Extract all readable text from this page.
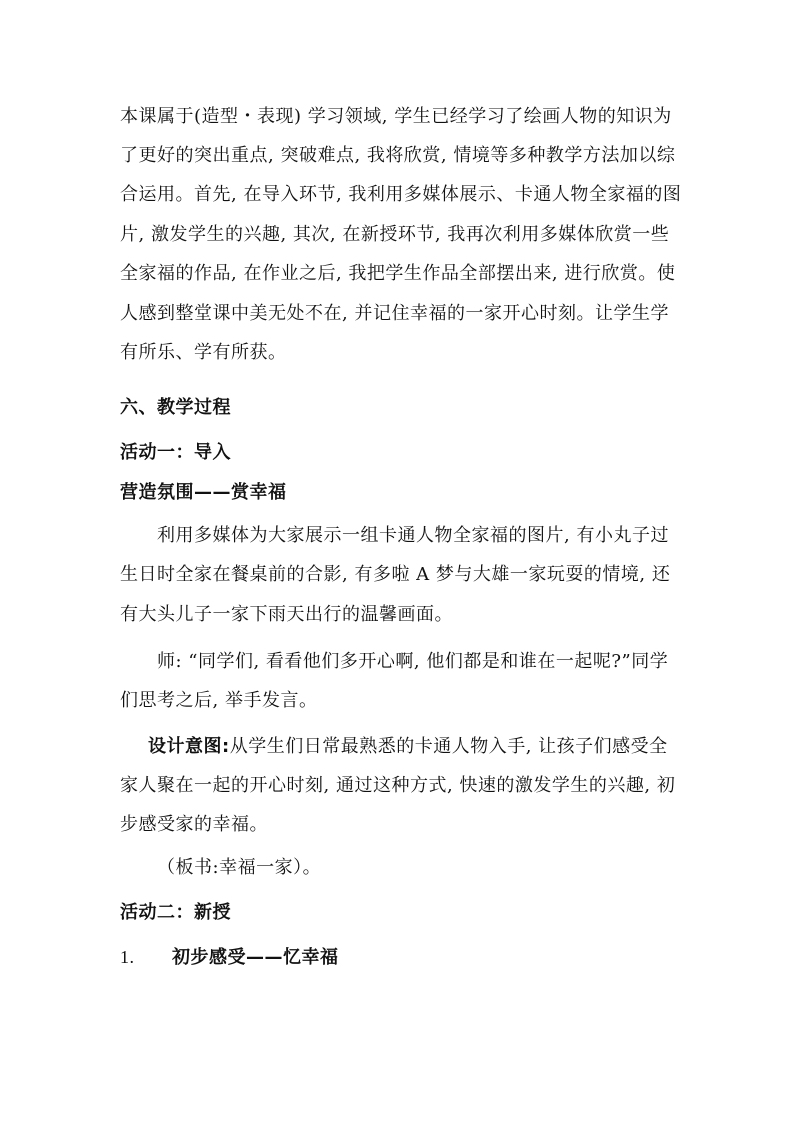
本课属于(造型・表现) 学习领域, 学生已经学习了绘画人物的知识为
了更好的突出重点, 突破难点, 我将欣赏, 情境等多种教学方法加以综
合运用。首先, 在导入环节, 我利用多媒体展示、卡通人物全家福的图
片, 激发学生的兴趣, 其次, 在新授环节, 我再次利用多媒体欣赏一些
全家福的作品, 在作业之后, 我把学生作品全部摆出来, 进行欣赏。使
人感到整堂课中美无处不在, 并记住幸福的一家开心时刻。让学生学
有所乐、学有所获。
六、教学过程
活动一：导入
营造氛围——赏幸福
利用多媒体为大家展示一组卡通人物全家福的图片, 有小丸子过
生日时全家在餐桌前的合影, 有多啦 A 梦与大雄一家玩耍的情境, 还
有大头儿子一家下雨天出行的温馨画面。
师: “同学们, 看看他们多开心啊, 他们都是和谁在一起呢?”同学
们思考之后, 举手发言。
设计意图:从学生们日常最熟悉的卡通人物入手, 让孩子们感受全
家人聚在一起的开心时刻, 通过这种方式, 快速的激发学生的兴趣, 初
步感受家的幸福。
（板书:幸福一家）。
活动二：新授
1. 初步感受——忆幸福
